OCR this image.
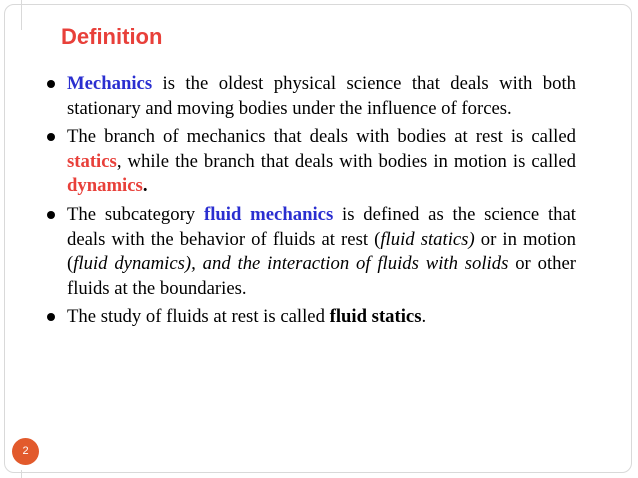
Definition

Mechanics is the oldest physical science that deals with both stationary and moving bodies under the influence of forces.

The branch of mechanics that deals with bodies at rest is called statics, while the branch that deals with bodies in motion is called dynamics.

The subcategory fluid mechanics is defined as the science that deals with the behavior of fluids at rest (fluid statics) or in motion (fluid dynamics), and the interaction of fluids with solids or other fluids at the boundaries.

The study of fluids at rest is called fluid statics.

2
